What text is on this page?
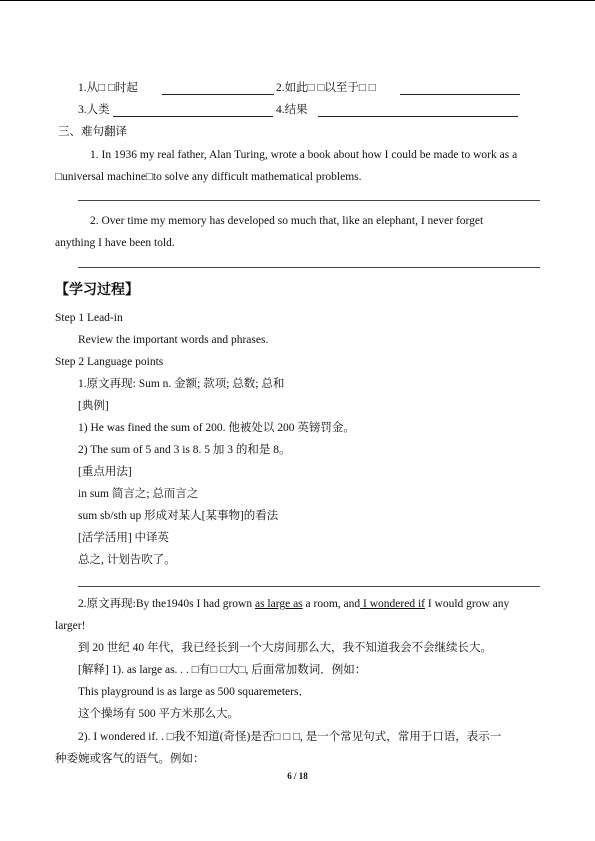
1.从□ □时起	2.如此□ □以至于□ □
3.人类	4.结果
三、难句翻译
1. In 1936 my real father, Alan Turing, wrote a book about how I could be made to work as a
□universal machine□to solve any difficult mathematical problems.
2. Over time my memory has developed so much that, like an elephant, I never forget
anything I have been told.
【学习过程】
Step 1 Lead-in
Review the important words and phrases.
Step 2 Language points
1.原文再现: Sum n. 金额; 款项; 总数; 总和
[典例]
1) He was fined the sum of 200. 他被处以 200 英镑罚金。
2) The sum of 5 and 3 is 8. 5 加 3 的和是 8。
[重点用法]
in sum 简言之; 总而言之
sum sb/sth up 形成对某人[某事物]的看法
[活学活用] 中译英
总之, 计划告吹了。
2.原文再现:By the1940s I had grown as large as a room, and I wondered if I would grow any
larger!
到 20 世纪 40 年代，我已经长到一个大房间那么大，我不知道我会不会继续长大。
[解释] 1). as large as. . . □有□ □大□, 后面常加数词．例如：
This playground is as large as 500 squaremeters．
这个操场有 500 平方米那么大。
2). I wondered if. . □我不知道(奇怪)是否□ □ □, 是一个常见句式，常用于口语，表示一
种委婉或客气的语气。例如：
6 / 18
